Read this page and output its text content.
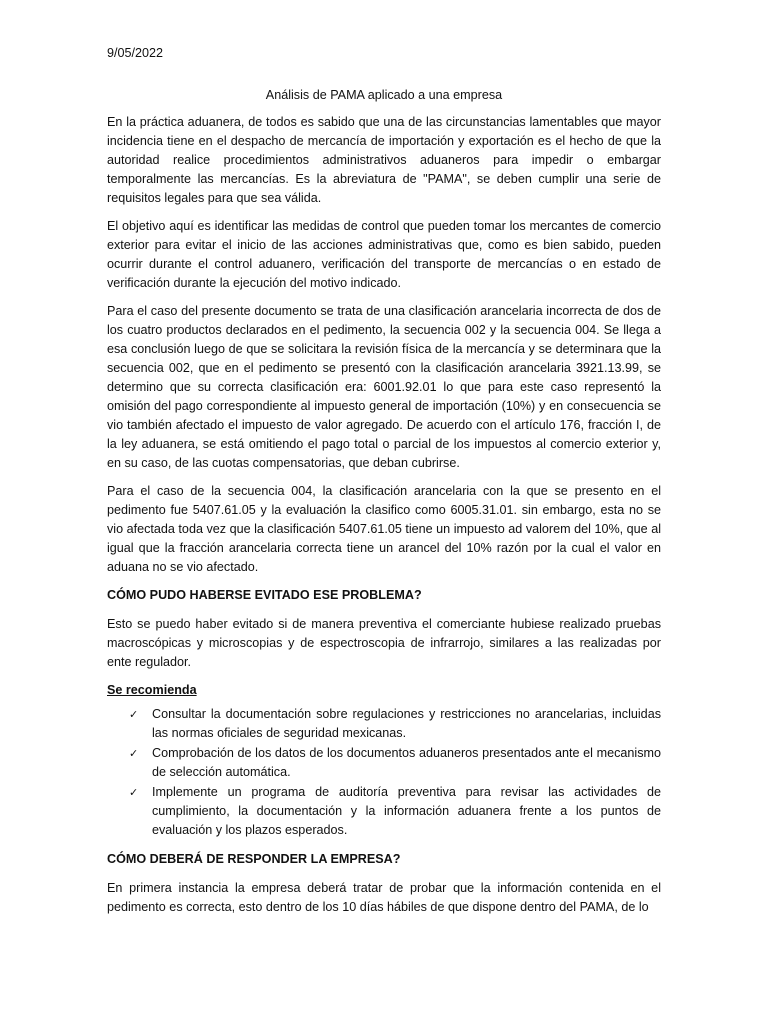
9/05/2022
Análisis de PAMA aplicado a una empresa

En la práctica aduanera, de todos es sabido que una de las circunstancias lamentables que mayor incidencia tiene en el despacho de mercancía de importación y exportación es el hecho de que la autoridad realice procedimientos administrativos aduaneros para impedir o embargar temporalmente las mercancías. Es la abreviatura de "PAMA", se deben cumplir una serie de requisitos legales para que sea válida.

El objetivo aquí es identificar las medidas de control que pueden tomar los mercantes de comercio exterior para evitar el inicio de las acciones administrativas que, como es bien sabido, pueden ocurrir durante el control aduanero, verificación del transporte de mercancías o en estado de verificación durante la ejecución del motivo indicado.

Para el caso del presente documento se trata de una clasificación arancelaria incorrecta de dos de los cuatro productos declarados en el pedimento, la secuencia 002 y la secuencia 004. Se llega a esa conclusión luego de que se solicitara la revisión física de la mercancía y se determinara que la secuencia 002, que en el pedimento se presentó con la clasificación arancelaria 3921.13.99, se determino que su correcta clasificación era: 6001.92.01 lo que para este caso representó la omisión del pago correspondiente al impuesto general de importación (10%) y en consecuencia se vio también afectado el impuesto de valor agregado. De acuerdo con el artículo 176, fracción I, de la ley aduanera, se está omitiendo el pago total o parcial de los impuestos al comercio exterior y, en su caso, de las cuotas compensatorias, que deban cubrirse.

Para el caso de la secuencia 004, la clasificación arancelaria con la que se presento en el pedimento fue 5407.61.05 y la evaluación la clasifico como 6005.31.01. sin embargo, esta no se vio afectada toda vez que la clasificación 5407.61.05 tiene un impuesto ad valorem del 10%, que al igual que la fracción arancelaria correcta tiene un arancel del 10% razón por la cual el valor en aduana no se vio afectado.

CÓMO PUDO HABERSE EVITADO ESE PROBLEMA?

Esto se puedo haber evitado si de manera preventiva el comerciante hubiese realizado pruebas macroscópicas y microscopias y de espectroscopia de infrarrojo, similares a las realizadas por ente regulador.

Se recomienda
✓ Consultar la documentación sobre regulaciones y restricciones no arancelarias, incluidas las normas oficiales de seguridad mexicanas.
✓ Comprobación de los datos de los documentos aduaneros presentados ante el mecanismo de selección automática.
✓ Implemente un programa de auditoría preventiva para revisar las actividades de cumplimiento, la documentación y la información aduanera frente a los puntos de evaluación y los plazos esperados.
CÓMO DEBERÁ DE RESPONDER LA EMPRESA?

En primera instancia la empresa deberá tratar de probar que la información contenida en el pedimento es correcta, esto dentro de los 10 días hábiles de que dispone dentro del PAMA, de lo
